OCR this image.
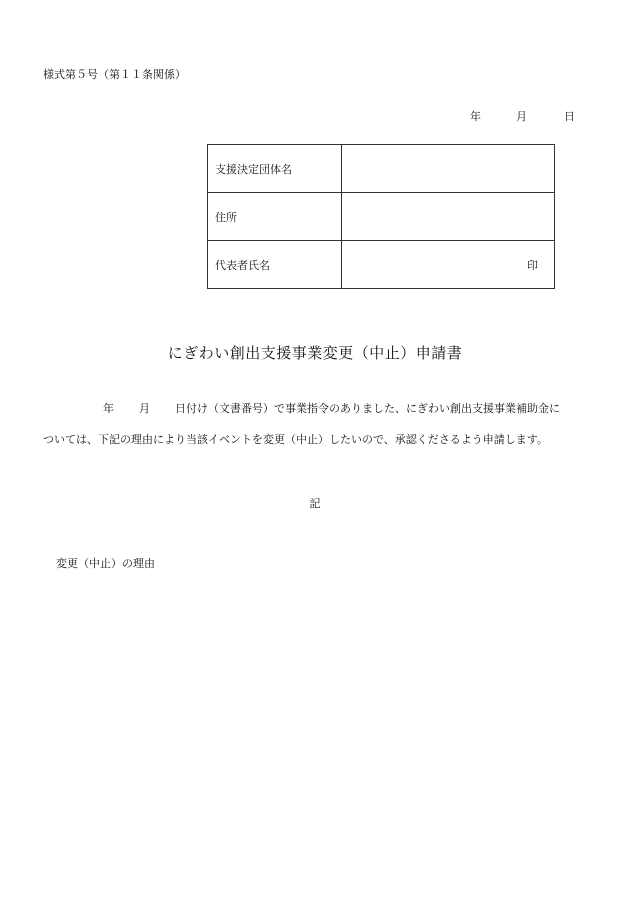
様式第５号（第１１条関係）
年	月	日
支援決定団体名	
住所	
代表者氏名	印
にぎわい創出支援事業変更（中止）申請書
年 月 日付け（文書番号）で事業指令のありました、にぎわい創出支援事業補助金に
ついては、下記の理由により当該イベントを変更（中止）したいので、承認くださるよう申請します。
記
変更（中止）の理由
